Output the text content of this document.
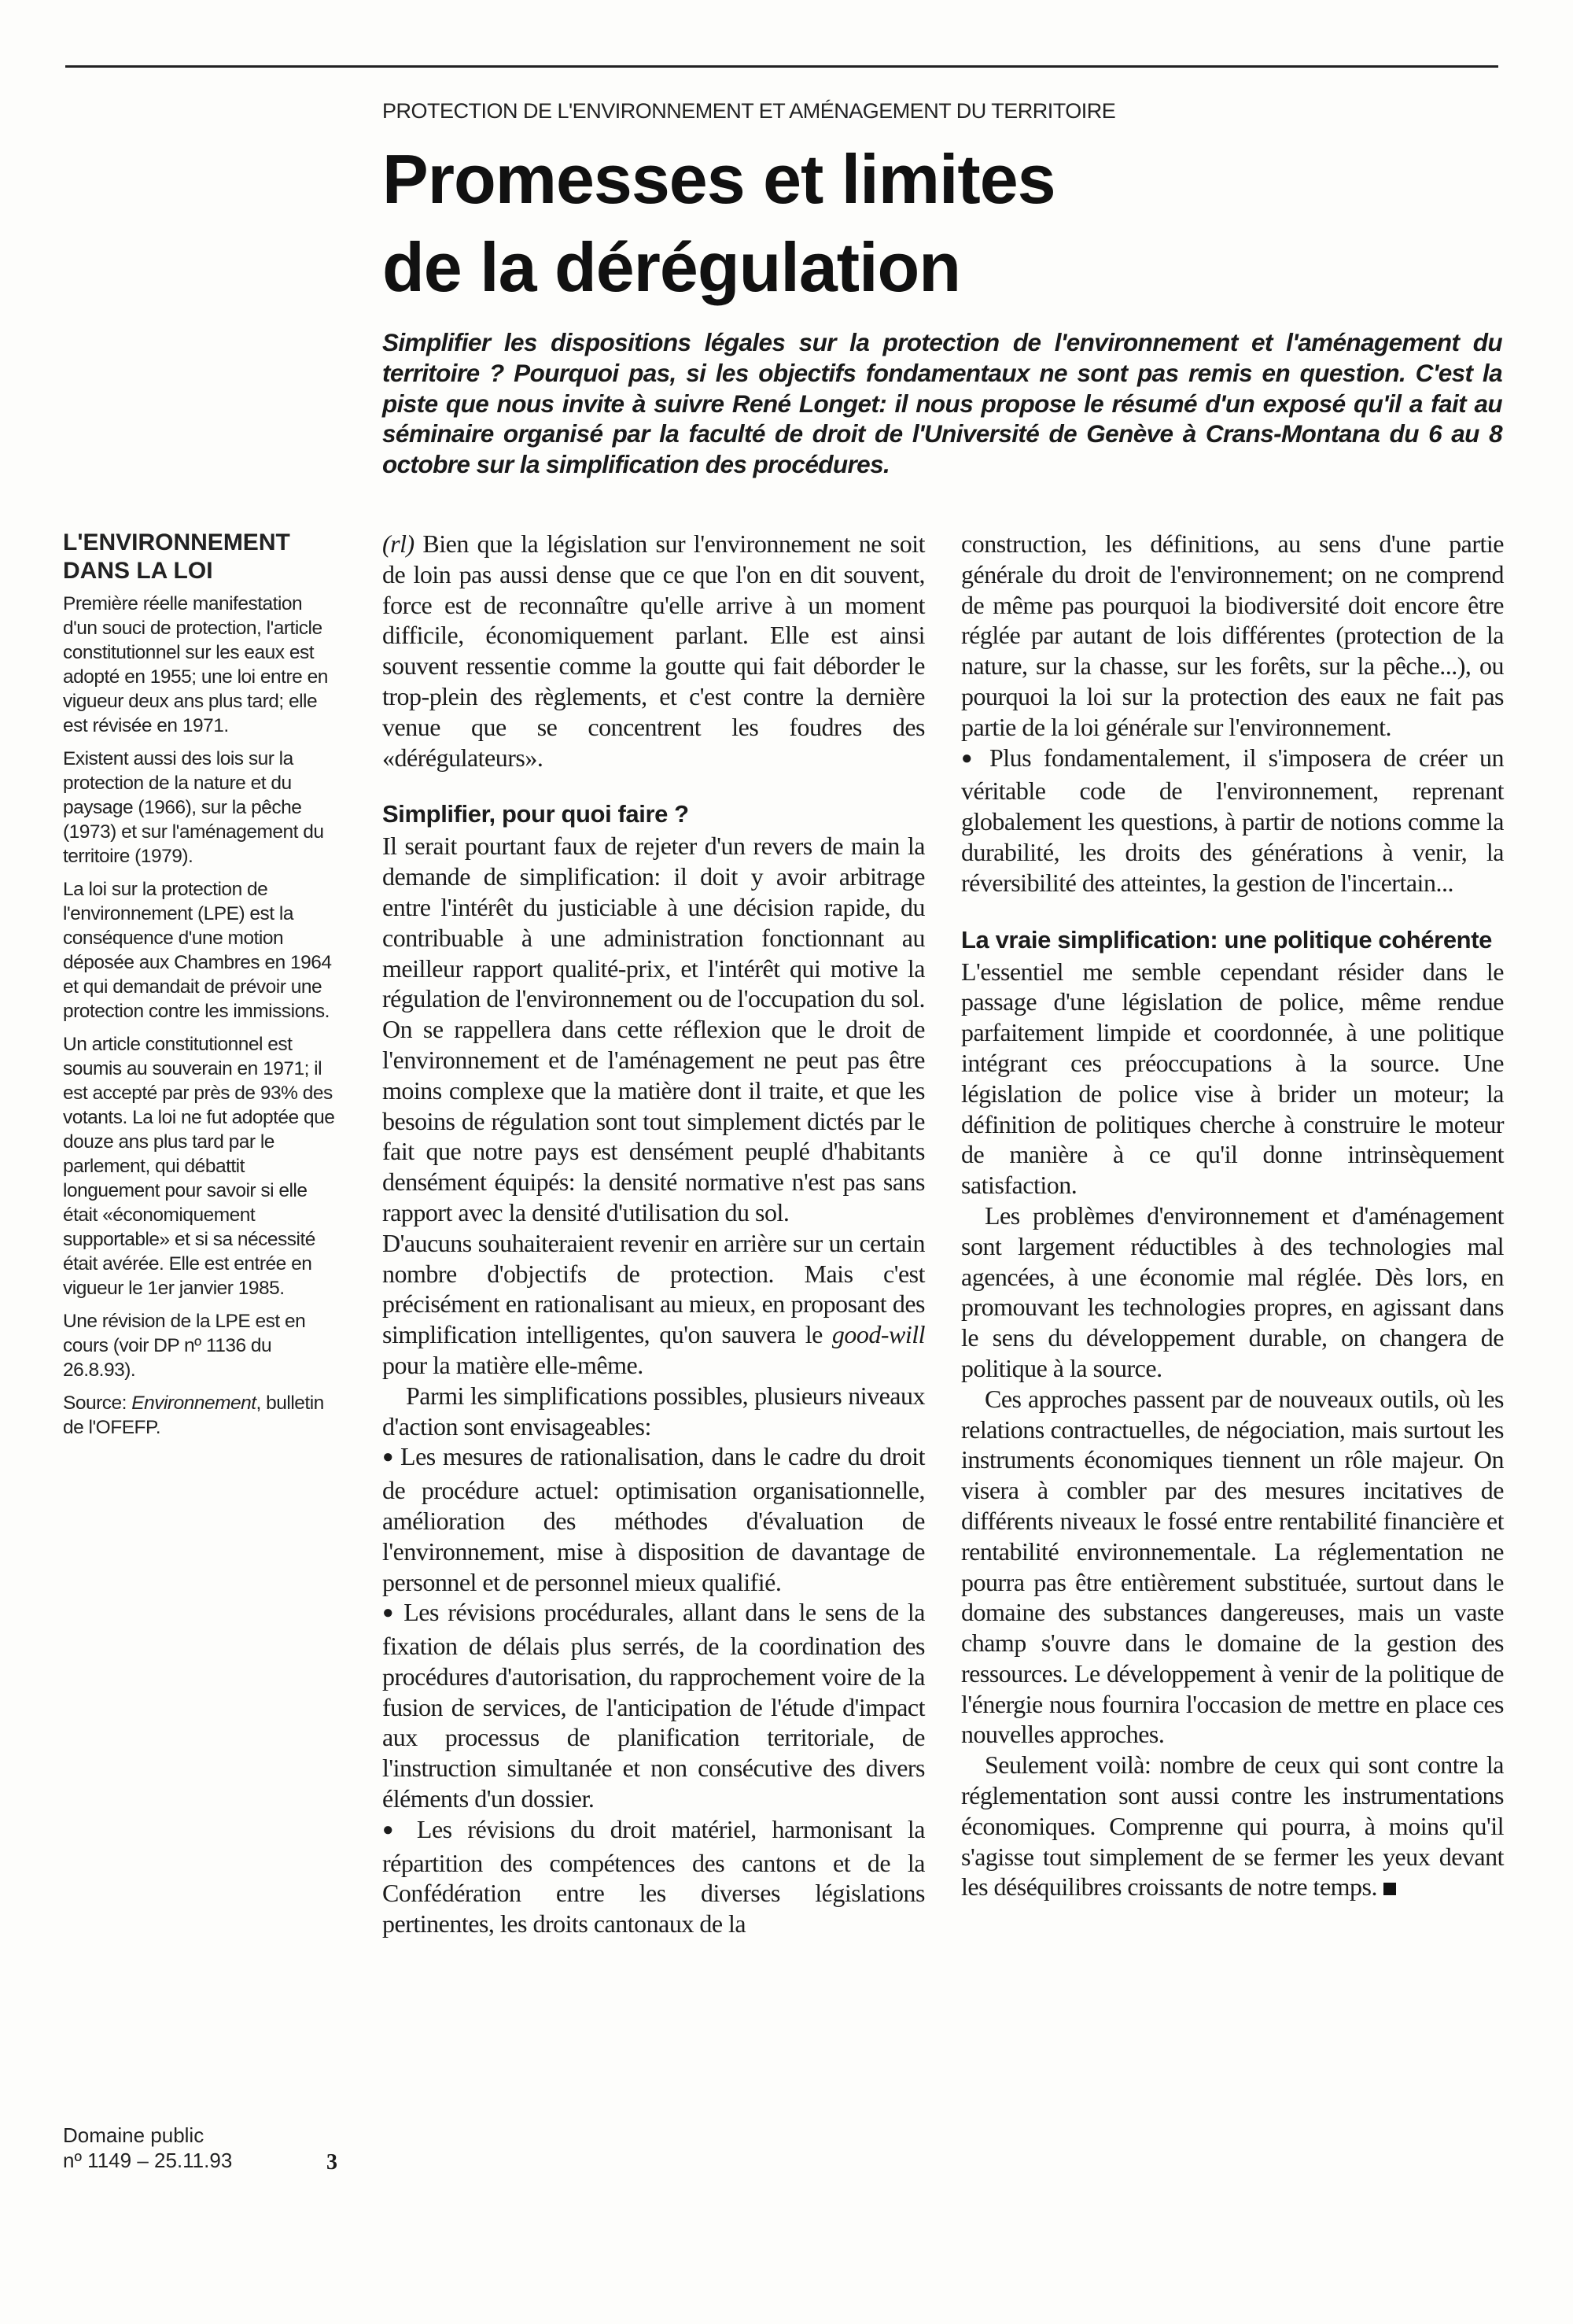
PROTECTION DE L'ENVIRONNEMENT ET AMÉNAGEMENT DU TERRITOIRE
Promesses et limites
de la dérégulation
Simplifier les dispositions légales sur la protection de l'environnement et l'aménagement du territoire ? Pourquoi pas, si les objectifs fondamentaux ne sont pas remis en question. C'est la piste que nous invite à suivre René Longet: il nous propose le résumé d'un exposé qu'il a fait au séminaire organisé par la faculté de droit de l'Université de Genève à Crans-Montana du 6 au 8 octobre sur la simplification des procédures.
L'ENVIRONNEMENT DANS LA LOI

Première réelle manifestation d'un souci de protection, l'article constitutionnel sur les eaux est adopté en 1955; une loi entre en vigueur deux ans plus tard; elle est révisée en 1971.

Existent aussi des lois sur la protection de la nature et du paysage (1966), sur la pêche (1973) et sur l'aménagement du territoire (1979).

La loi sur la protection de l'environnement (LPE) est la conséquence d'une motion déposée aux Chambres en 1964 et qui demandait de prévoir une protection contre les immissions.

Un article constitutionnel est soumis au souverain en 1971; il est accepté par près de 93% des votants. La loi ne fut adoptée que douze ans plus tard par le parlement, qui débattit longuement pour savoir si elle était «économiquement supportable» et si sa nécessité était avérée. Elle est entrée en vigueur le 1er janvier 1985.

Une révision de la LPE est en cours (voir DP nº 1136 du 26.8.93).

Source: Environnement, bulletin de l'OFEFP.

Domaine public
nº 1149 – 25.11.93	3

(rl) Bien que la législation sur l'environnement ne soit de loin pas aussi dense que ce que l'on en dit souvent, force est de reconnaître qu'elle arrive à un moment difficile, économiquement parlant. Elle est ainsi souvent ressentie comme la goutte qui fait déborder le trop-plein des règlements, et c'est contre la dernière venue que se concentrent les foudres des «dérégulateurs».

Simplifier, pour quoi faire ?

Il serait pourtant faux de rejeter d'un revers de main la demande de simplification: il doit y avoir arbitrage entre l'intérêt du justiciable à une décision rapide, du contribuable à une administration fonctionnant au meilleur rapport qualité-prix, et l'intérêt qui motive la régulation de l'environnement ou de l'occupation du sol. On se rappellera dans cette réflexion que le droit de l'environnement et de l'aménagement ne peut pas être moins complexe que la matière dont il traite, et que les besoins de régulation sont tout simplement dictés par le fait que notre pays est densément peuplé d'habitants densément équipés: la densité normative n'est pas sans rapport avec la densité d'utilisation du sol.

D'aucuns souhaiteraient revenir en arrière sur un certain nombre d'objectifs de protection. Mais c'est précisément en rationalisant au mieux, en proposant des simplification intelligentes, qu'on sauvera le good-will pour la matière elle-même.

Parmi les simplifications possibles, plusieurs niveaux d'action sont envisageables:

● Les mesures de rationalisation, dans le cadre du droit de procédure actuel: optimisation organisationnelle, amélioration des méthodes d'évaluation de l'environnement, mise à disposition de davantage de personnel et de personnel mieux qualifié.

● Les révisions procédurales, allant dans le sens de la fixation de délais plus serrés, de la coordination des procédures d'autorisation, du rapprochement voire de la fusion de services, de l'anticipation de l'étude d'impact aux processus de planification territoriale, de l'instruction simultanée et non consécutive des divers éléments d'un dossier.

● Les révisions du droit matériel, harmonisant la répartition des compétences des cantons et de la Confédération entre les diverses législations pertinentes, les droits cantonaux de la

construction, les définitions, au sens d'une partie générale du droit de l'environnement; on ne comprend de même pas pourquoi la biodiversité doit encore être réglée par autant de lois différentes (protection de la nature, sur la chasse, sur les forêts, sur la pêche...), ou pourquoi la loi sur la protection des eaux ne fait pas partie de la loi générale sur l'environnement.

● Plus fondamentalement, il s'imposera de créer un véritable code de l'environnement, reprenant globalement les questions, à partir de notions comme la durabilité, les droits des générations à venir, la réversibilité des atteintes, la gestion de l'incertain...

La vraie simplification: une politique cohérente

L'essentiel me semble cependant résider dans le passage d'une législation de police, même rendue parfaitement limpide et coordonnée, à une politique intégrant ces préoccupations à la source. Une législation de police vise à brider un moteur; la définition de politiques cherche à construire le moteur de manière à ce qu'il donne intrinsèquement satisfaction.

Les problèmes d'environnement et d'aménagement sont largement réductibles à des technologies mal agencées, à une économie mal réglée. Dès lors, en promouvant les technologies propres, en agissant dans le sens du développement durable, on changera de politique à la source.

Ces approches passent par de nouveaux outils, où les relations contractuelles, de négociation, mais surtout les instruments économiques tiennent un rôle majeur. On visera à combler par des mesures incitatives de différents niveaux le fossé entre rentabilité financière et rentabilité environnementale. La réglementation ne pourra pas être entièrement substituée, surtout dans le domaine des substances dangereuses, mais un vaste champ s'ouvre dans le domaine de la gestion des ressources. Le développement à venir de la politique de l'énergie nous fournira l'occasion de mettre en place ces nouvelles approches.

Seulement voilà: nombre de ceux qui sont contre la réglementation sont aussi contre les instrumentations économiques. Comprenne qui pourra, à moins qu'il s'agisse tout simplement de se fermer les yeux devant les déséquilibres croissants de notre temps.
